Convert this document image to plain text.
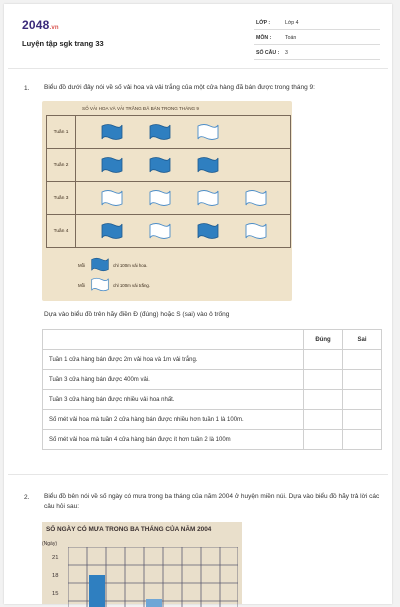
2048.vn
Luyện tập sgk trang 33
LỚP :	Lớp 4
MÔN :	Toán
SỐ CÂU : 3
1. Biểu đồ dưới đây nói về số vải hoa và vải trắng của một cửa hàng đã bán được trong tháng 9:
SỐ VẢI HOA VÀ VẢI TRẮNG ĐÃ BÁN TRONG THÁNG 9
Tuần 1
Tuần 2
Tuần 3
Tuần 4
Mỗi	chỉ 100m vải hoa.
Mỗi	chỉ 100m vải trắng.
Dựa vào biểu đồ trên hãy điền Đ (đúng) hoặc S (sai) vào ô trống
	Đúng	Sai
Tuần 1 cửa hàng bán được 2m vải hoa và 1m vải trắng.		
Tuần 3 cửa hàng bán được 400m vải.		
Tuần 3 cửa hàng bán được nhiều vải hoa nhất.		
Số mét vải hoa mà tuần 2 cửa hàng bán được nhiều hơn tuần 1 là 100m.		
Số mét vải hoa mà tuần 4 cửa hàng bán được ít hơn tuần 2 là 100m		
2. Biểu đồ bên nói về số ngày có mưa trong ba tháng của năm 2004 ở huyện miền núi. Dựa vào biểu đồ hãy trả lời các câu hỏi sau:
SỐ NGÀY CÓ MƯA TRONG BA THÁNG CỦA NĂM 2004
(Ngày)
21
18
15
